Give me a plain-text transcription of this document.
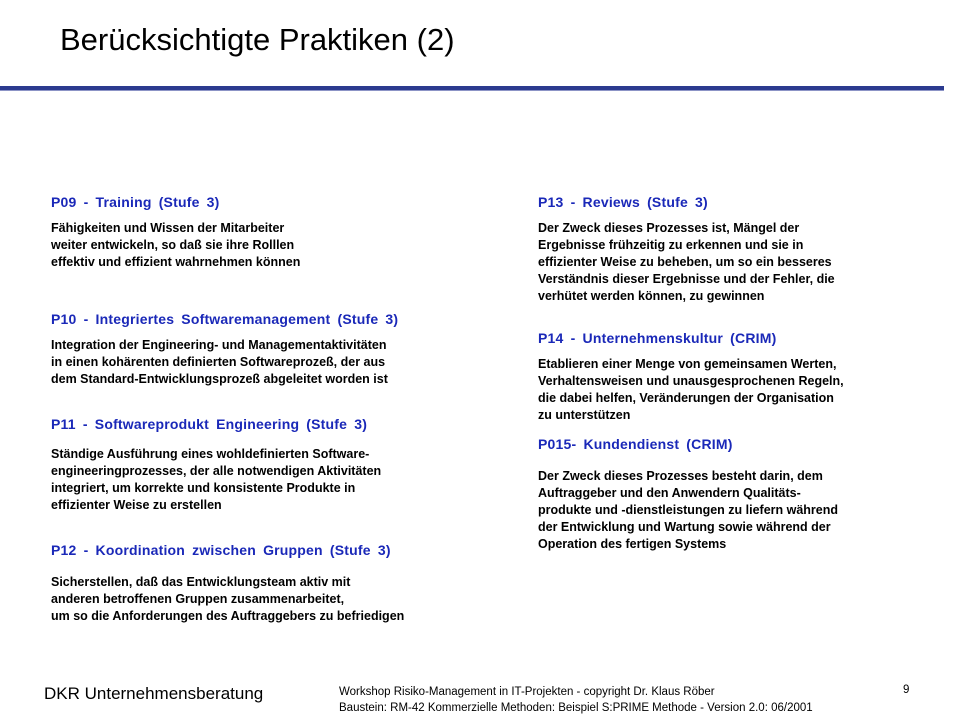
Berücksichtigte Praktiken (2)
P09 - Training (Stufe 3)
Fähigkeiten und Wissen der Mitarbeiter
weiter entwickeln, so daß sie ihre Rolllen
effektiv und effizient wahrnehmen können
P10 - Integriertes Softwaremanagement (Stufe 3)
Integration der Engineering- und Managementaktivitäten
in einen kohärenten definierten Softwareprozeß, der aus
dem Standard-Entwicklungsprozeß abgeleitet worden ist
P11 - Softwareprodukt Engineering (Stufe 3)
Ständige Ausführung eines wohldefinierten Software-
engineeringprozesses, der alle notwendigen Aktivitäten
integriert, um korrekte und konsistente Produkte in
effizienter Weise zu erstellen
P12 - Koordination zwischen Gruppen (Stufe 3)
Sicherstellen, daß das Entwicklungsteam aktiv mit
anderen betroffenen Gruppen zusammenarbeitet,
um so die Anforderungen des Auftraggebers zu befriedigen
P13 - Reviews (Stufe 3)
Der Zweck dieses Prozesses ist, Mängel der
Ergebnisse frühzeitig zu erkennen und sie in
effizienter Weise zu beheben, um so ein besseres
Verständnis dieser Ergebnisse und der Fehler, die
verhütet werden können, zu gewinnen
P14 - Unternehmenskultur (CRIM)
Etablieren einer Menge von gemeinsamen Werten,
Verhaltensweisen und unausgesprochenen Regeln,
die dabei helfen, Veränderungen der Organisation
zu unterstützen
P015- Kundendienst (CRIM)
Der Zweck dieses Prozesses besteht darin, dem
Auftraggeber und den Anwendern Qualitäts-
produkte und -dienstleistungen zu liefern während
der Entwicklung und Wartung sowie während der
Operation des fertigen Systems
DKR Unternehmensberatung	Workshop Risiko-Management in IT-Projekten - copyright Dr. Klaus Röber
Baustein: RM-42 Kommerzielle Methoden: Beispiel S:PRIME Methode - Version 2.0: 06/2001
9
